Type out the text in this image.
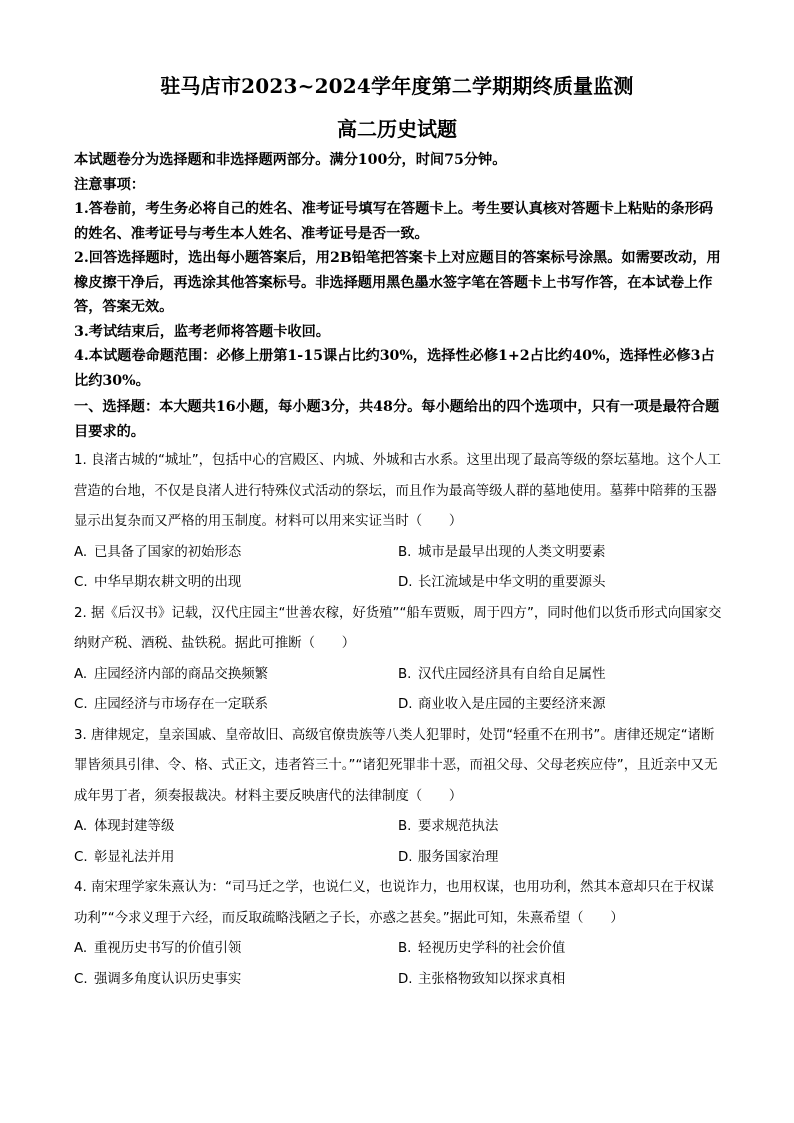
驻马店市2023~2024学年度第二学期期终质量监测
高二历史试题

本试题卷分为选择题和非选择题两部分。满分100分，时间75分钟。

注意事项：

1.答卷前，考生务必将自己的姓名、准考证号填写在答题卡上。考生要认真核对答题卡上粘贴的条形码的姓名、准考证号与考生本人姓名、准考证号是否一致。

2.回答选择题时，选出每小题答案后，用2B铅笔把答案卡上对应题目的答案标号涂黑。如需要改动，用橡皮擦干净后，再选涂其他答案标号。非选择题用黑色墨水签字笔在答题卡上书写作答，在本试卷上作答，答案无效。

3.考试结束后，监考老师将答题卡收回。

4.本试题卷命题范围：必修上册第1-15课占比约30%，选择性必修1+2占比约40%，选择性必修3占比约30%。

一、选择题：本大题共16小题，每小题3分，共48分。每小题给出的四个选项中，只有一项是最符合题目要求的。

1. 良渚古城的“城址”，包括中心的宫殿区、内城、外城和古水系。这里出现了最高等级的祭坛墓地。这个人工营造的台地，不仅是良渚人进行特殊仪式活动的祭坛，而且作为最高等级人群的墓地使用。墓葬中陪葬的玉器显示出复杂而又严格的用玉制度。材料可以用来实证当时（　　）

A. 已具备了国家的初始形态	B. 城市是最早出现的人类文明要素

C. 中华早期农耕文明的出现	D. 长江流域是中华文明的重要源头

2. 据《后汉书》记载，汉代庄园主“世善农稼，好货殖”“船车贾贩，周于四方”，同时他们以货币形式向国家交纳财产税、酒税、盐铁税。据此可推断（　　）

A. 庄园经济内部的商品交换频繁	B. 汉代庄园经济具有自给自足属性

C. 庄园经济与市场存在一定联系	D. 商业收入是庄园的主要经济来源

3. 唐律规定，皇亲国戚、皇帝故旧、高级官僚贵族等八类人犯罪时，处罚“轻重不在刑书”。唐律还规定“诸断罪皆须具引律、令、格、式正文，违者笞三十。”“诸犯死罪非十恶，而祖父母、父母老疾应侍”，且近亲中又无成年男丁者，须奏报裁决。材料主要反映唐代的法律制度（　　）

A. 体现封建等级	B. 要求规范执法

C. 彰显礼法并用	D. 服务国家治理

4. 南宋理学家朱熹认为：“司马迁之学，也说仁义，也说诈力，也用权谋，也用功利，然其本意却只在于权谋功利”“今求义理于六经，而反取疏略浅陋之子长，亦惑之甚矣。”据此可知，朱熹希望（　　）

A. 重视历史书写的价值引领	B. 轻视历史学科的社会价值

C. 强调多角度认识历史事实	D. 主张格物致知以探求真相
